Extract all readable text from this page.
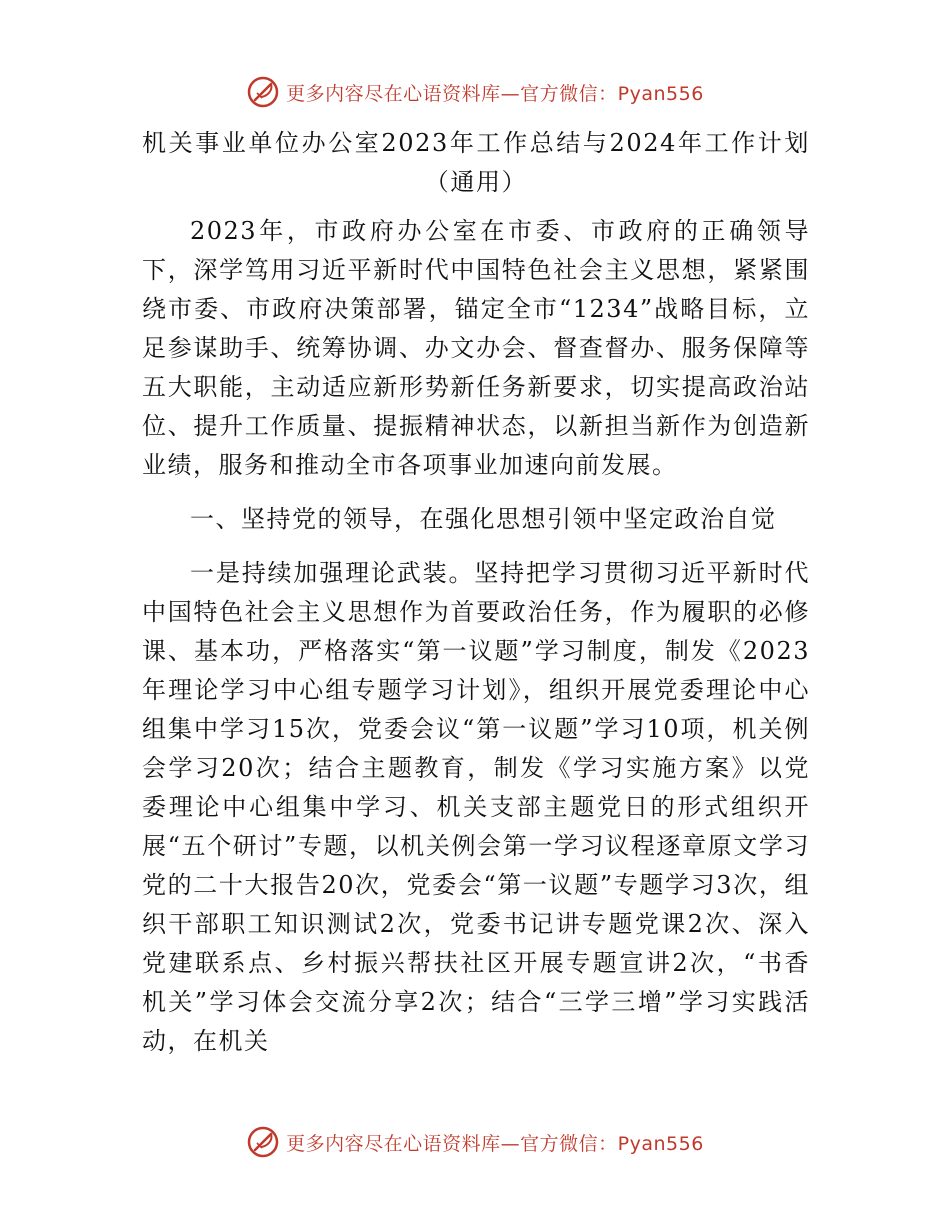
更多内容尽在心语资料库—官方微信：Pyan556
机关事业单位办公室2023年工作总结与2024年工作计划（通用）

2023年，市政府办公室在市委、市政府的正确领导下，深学笃用习近平新时代中国特色社会主义思想，紧紧围绕市委、市政府决策部署，锚定全市“1234”战略目标，立足参谋助手、统筹协调、办文办会、督查督办、服务保障等五大职能，主动适应新形势新任务新要求，切实提高政治站位、提升工作质量、提振精神状态，以新担当新作为创造新业绩，服务和推动全市各项事业加速向前发展。

一、坚持党的领导，在强化思想引领中坚定政治自觉

一是持续加强理论武装。坚持把学习贯彻习近平新时代中国特色社会主义思想作为首要政治任务，作为履职的必修课、基本功，严格落实“第一议题”学习制度，制发《2023年理论学习中心组专题学习计划》，组织开展党委理论中心组集中学习15次，党委会议“第一议题”学习10项，机关例会学习20次；结合主题教育，制发《学习实施方案》以党委理论中心组集中学习、机关支部主题党日的形式组织开展“五个研讨”专题，以机关例会第一学习议程逐章原文学习党的二十大报告20次，党委会“第一议题”专题学习3次，组织干部职工知识测试2次，党委书记讲专题党课2次、深入党建联系点、乡村振兴帮扶社区开展专题宣讲2次，“书香机关”学习体会交流分享2次；结合“三学三增”学习实践活动，在机关

更多内容尽在心语资料库—官方微信：Pyan556
